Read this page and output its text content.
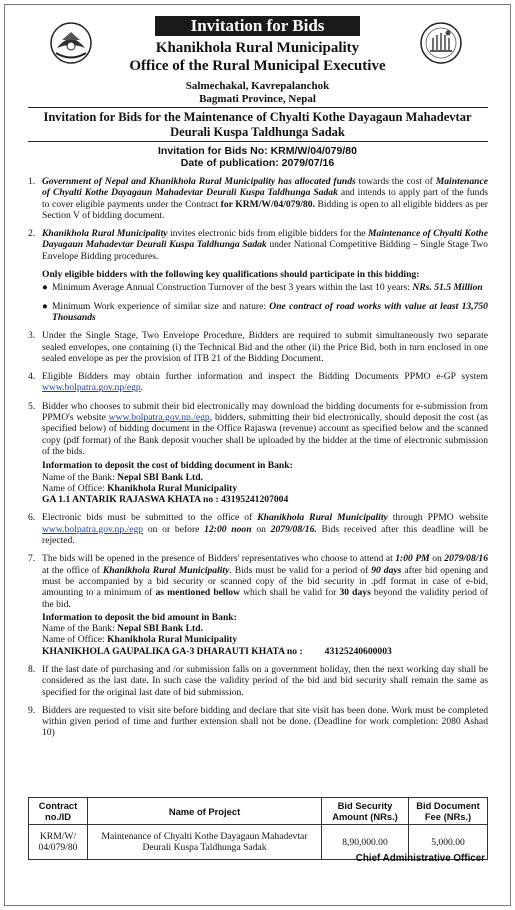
Invitation for Bids
Khanikhola Rural Municipality
Office of the Rural Municipal Executive
Salmechakal, Kavrepalanchok
Bagmati Province, Nepal
Invitation for Bids for the Maintenance of Chyalti Kothe Dayagaun Mahadevtar Deurali Kuspa Taldhunga Sadak
Invitation for Bids No: KRM/W/04/079/80
Date of publication: 2079/07/16
1. Government of Nepal and Khanikhola Rural Municipality has allocated funds towards the cost of Maintenance of Chyalti Kothe Dayagaun Mahadevtar Deurali Kuspa Taldhunga Sadak and intends to apply part of the funds to cover eligible payments under the Contract for KRM/W/04/079/80. Bidding is open to all eligible bidders as per Section V of bidding document.
2. Khanikhola Rural Municipality invites electronic bids from eligible bidders for the Maintenance of Chyalti Kothe Dayagaun Mahadevtar Deurali Kuspa Taldhunga Sadak under National Competitive Bidding – Single Stage Two Envelope Bidding procedures.
Only eligible bidders with the following key qualifications should participate in this bidding:
● Minimum Average Annual Construction Turnover of the best 3 years within the last 10 years: NRs. 51.5 Million
● Minimum Work experience of similar size and nature: One contract of road works with value at least 13,750 Thousands
3. Under the Single Stage, Two Envelope Procedure, Bidders are required to submit simultaneously two separate sealed envelopes, one containing (i) the Technical Bid and the other (ii) the Price Bid, both in turn enclosed in one sealed envelope as per the provision of ITB 21 of the Bidding Document.
4. Eligible Bidders may obtain further information and inspect the Bidding Documents PPMO e-GP system www.bolpatra.gov.np/egp.
5. Bidder who chooses to submit their bid electronically may download the bidding documents for e-submission from PPMO's website www.bolpatra.gov.np./egp, bidders, submitting their bid electronically, should deposit the cost (as specified below) of bidding document in the Office Rajaswa (revenue) account as specified below and the scanned copy (pdf format) of the Bank deposit voucher shall be uploaded by the bidder at the time of electronic submission of the bids.
Information to deposit the cost of bidding document in Bank:
Name of the Bank: Nepal SBI Bank Ltd.
Name of Office: Khanikhola Rural Municipality
GA 1.1 ANTARIK RAJASWA KHATA no : 43195241207004
6. Electronic bids must be submitted to the office of Khanikhola Rural Municipality through PPMO website www.bolpatra.gov.np./egp on or before 12:00 noon on 2079/08/16. Bids received after this deadline will be rejected.
7. The bids will be opened in the presence of Bidders' representatives who choose to attend at 1:00 PM on 2079/08/16 at the office of Khanikhola Rural Municipality. Bids must be valid for a period of 90 days after bid opening and must be accompanied by a bid security or scanned copy of the bid security in .pdf format in case of e-bid, amounting to a minimum of as mentioned bellow which shall be valid for 30 days beyond the validity period of the bid.
Information to deposit the bid amount in Bank:
Name of the Bank: Nepal SBI Bank Ltd.
Name of Office: Khanikhola Rural Municipality
KHANIKHOLA GAUPALIKA GA-3 DHARAUTI KHATA no : 43125240600003
8. If the last date of purchasing and /or submission falls on a government holiday, then the next working day shall be considered as the last date. In such case the validity period of the bid and bid security shall remain the same as specified for the original last date of bid submission.
9. Bidders are requested to visit site before bidding and declare that site visit has been done. Work must be completed within given period of time and further extension shall not be done. (Deadline for work completion: 2080 Ashad 10)
Contract no./ID	Name of Project	Bid Security Amount (NRs.)	Bid Document Fee (NRs.)
KRM/W/ 04/079/80	Maintenance of Chyalti Kothe Dayagaun Mahadevtar Deurali Kuspa Taldhunga Sadak	8,90,000.00	5,000.00
Chief Administrative Officer
